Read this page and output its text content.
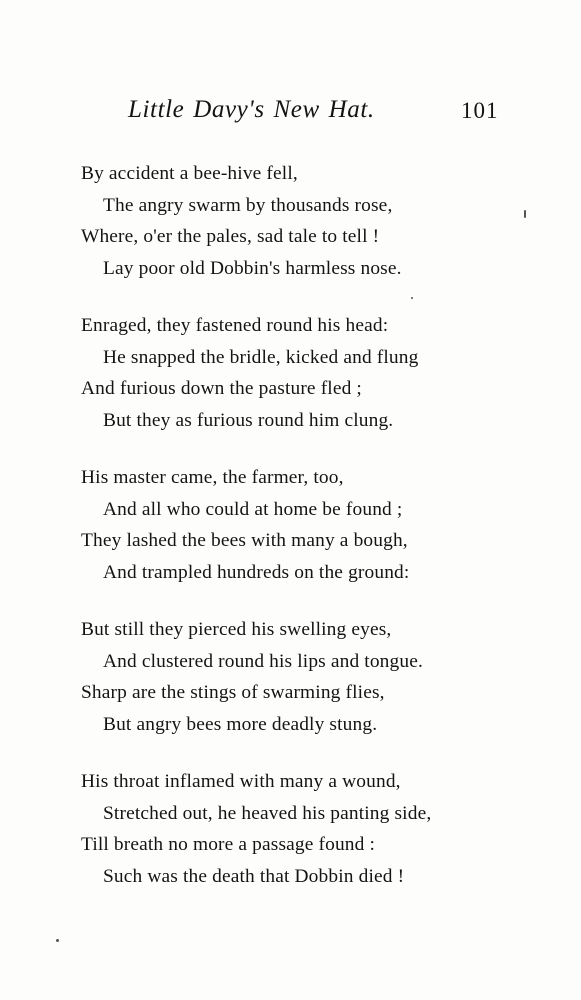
Little Davy's New Hat.	101
By accident a bee-hive fell,
The angry swarm by thousands rose,
Where, o'er the pales, sad tale to tell !
Lay poor old Dobbin's harmless nose.
Enraged, they fastened round his head:
He snapped the bridle, kicked and flung
And furious down the pasture fled ;
But they as furious round him clung.
His master came, the farmer, too,
And all who could at home be found ;
They lashed the bees with many a bough,
And trampled hundreds on the ground:
But still they pierced his swelling eyes,
And clustered round his lips and tongue.
Sharp are the stings of swarming flies,
But angry bees more deadly stung.
His throat inflamed with many a wound,
Stretched out, he heaved his panting side,
Till breath no more a passage found :
Such was the death that Dobbin died !
